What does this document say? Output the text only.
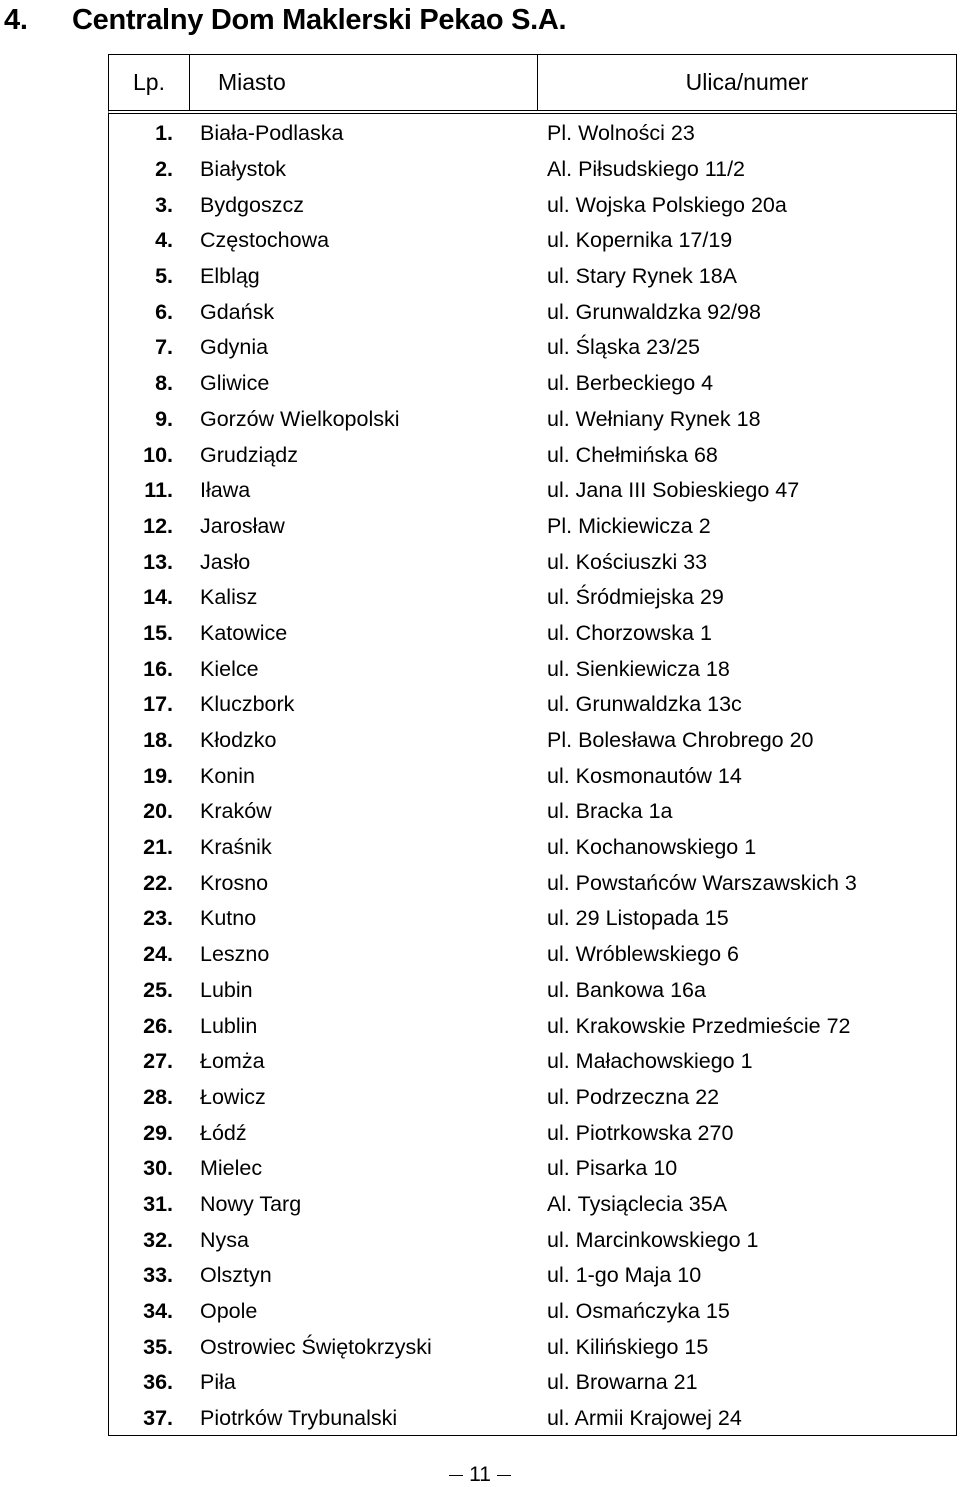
4. Centralny Dom Maklerski Pekao S.A.
Lp.	Miasto	Ulica/numer
1.	Biała-Podlaska	Pl. Wolności 23
2.	Białystok	Al. Piłsudskiego 11/2
3.	Bydgoszcz	ul. Wojska Polskiego 20a
4.	Częstochowa	ul. Kopernika 17/19
5.	Elbląg	ul. Stary Rynek 18A
6.	Gdańsk	ul. Grunwaldzka 92/98
7.	Gdynia	ul. Śląska 23/25
8.	Gliwice	ul. Berbeckiego 4
9.	Gorzów Wielkopolski	ul. Wełniany Rynek 18
10.	Grudziądz	ul. Chełmińska 68
11.	Iława	ul. Jana III Sobieskiego 47
12.	Jarosław	Pl. Mickiewicza 2
13.	Jasło	ul. Kościuszki 33
14.	Kalisz	ul. Śródmiejska 29
15.	Katowice	ul. Chorzowska 1
16.	Kielce	ul. Sienkiewicza 18
17.	Kluczbork	ul. Grunwaldzka 13c
18.	Kłodzko	Pl. Bolesława Chrobrego 20
19.	Konin	ul. Kosmonautów 14
20.	Kraków	ul. Bracka 1a
21.	Kraśnik	ul. Kochanowskiego 1
22.	Krosno	ul. Powstańców Warszawskich 3
23.	Kutno	ul. 29 Listopada 15
24.	Leszno	ul. Wróblewskiego 6
25.	Lubin	ul. Bankowa 16a
26.	Lublin	ul. Krakowskie Przedmieście 72
27.	Łomża	ul. Małachowskiego 1
28.	Łowicz	ul. Podrzeczna 22
29.	Łódź	ul. Piotrkowska 270
30.	Mielec	ul. Pisarka 10
31.	Nowy Targ	Al. Tysiąclecia 35A
32.	Nysa	ul. Marcinkowskiego 1
33.	Olsztyn	ul. 1-go Maja 10
34.	Opole	ul. Osmańczyka 15
35.	Ostrowiec Świętokrzyski	ul. Kilińskiego 15
36.	Piła	ul. Browarna 21
37.	Piotrków Trybunalski	ul. Armii Krajowej 24
11
